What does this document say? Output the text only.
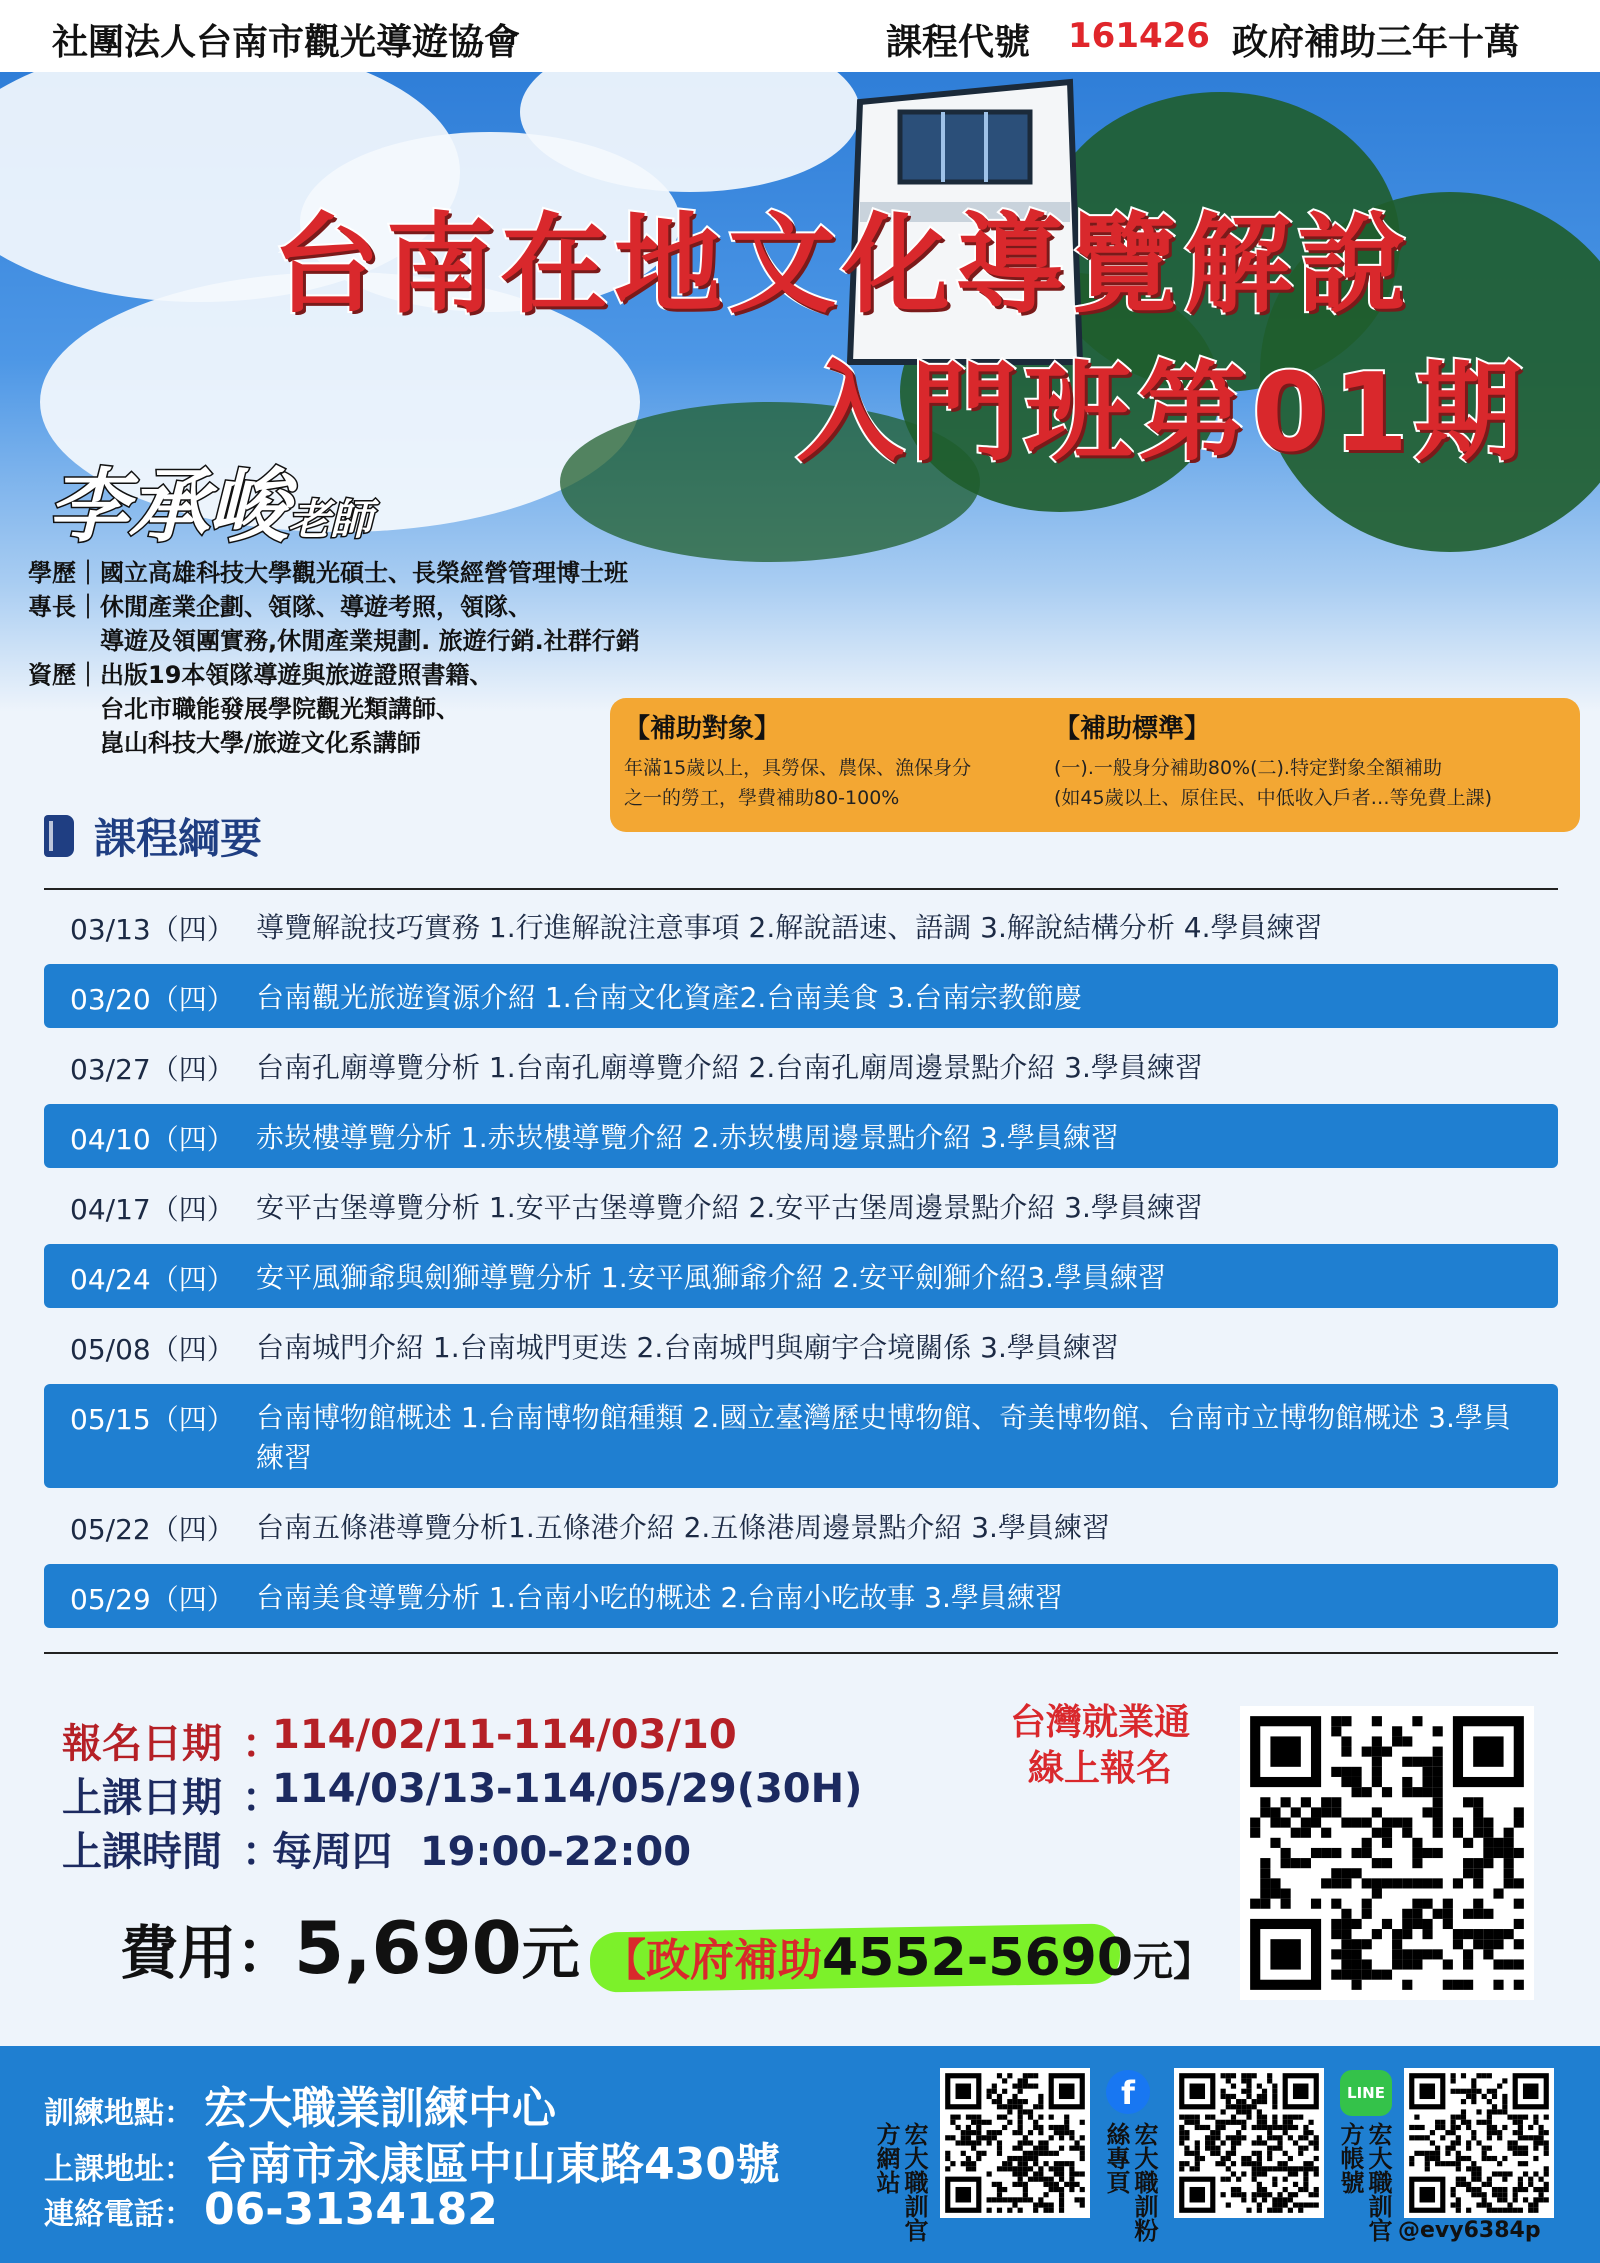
社團法人台南市觀光導遊協會	課程代號 161426 政府補助三年十萬
台南在地文化導覽解說
入門班第01期
李承峻老師
學歷｜ 國立高雄科技大學觀光碩士、長榮經營管理博士班
專長｜ 休閒產業企劃、領隊、導遊考照，領隊、
導遊及領團實務,休閒產業規劃. 旅遊行銷.社群行銷
資歷｜ 出版19本領隊導遊與旅遊證照書籍、
台北市職能發展學院觀光類講師、
崑山科技大學/旅遊文化系講師	【補助對象】
年滿15歲以上，具勞保、農保、漁保身分
之一的勞工，學費補助80-100%
【補助標準】
(一).一般身分補助80%(二).特定對象全額補助
(如45歲以上、原住民、中低收入戶者…等免費上課)
課程綱要
03/13（四） 導覽解說技巧實務 1.行進解說注意事項 2.解說語速、語調 3.解說結構分析 4.學員練習
03/20（四） 台南觀光旅遊資源介紹 1.台南文化資產2.台南美食 3.台南宗教節慶
03/27（四） 台南孔廟導覽分析 1.台南孔廟導覽介紹 2.台南孔廟周邊景點介紹 3.學員練習
04/10（四） 赤崁樓導覽分析 1.赤崁樓導覽介紹 2.赤崁樓周邊景點介紹 3.學員練習
04/17（四） 安平古堡導覽分析 1.安平古堡導覽介紹 2.安平古堡周邊景點介紹 3.學員練習
04/24（四） 安平風獅爺與劍獅導覽分析 1.安平風獅爺介紹 2.安平劍獅介紹3.學員練習
05/08（四） 台南城門介紹 1.台南城門更迭 2.台南城門與廟宇合境關係 3.學員練習
05/15（四） 台南博物館概述 1.台南博物館種類 2.國立臺灣歷史博物館、奇美博物館、台南市立博物館概述 3.學員練習
05/22（四） 台南五條港導覽分析1.五條港介紹 2.五條港周邊景點介紹 3.學員練習
05/29（四） 台南美食導覽分析 1.台南小吃的概述 2.台南小吃故事 3.學員練習
報名日期 ：
114/02/11-114/03/10
上課日期 ：
114/03/13-114/05/29(30H)
上課時間 ：
每周四  19:00-22:00
費用：5,690元 【政府補助4552-5690元】
台灣就業通
線上報名
訓練地點： 宏大職業訓練中心
上課地址： 台南市永康區中山東路430號
連絡電話： 06-3134182	宏大職訓官方網站	宏大職訓粉絲專頁	宏大職訓官方帳號
f	LINE
@evy6384p
